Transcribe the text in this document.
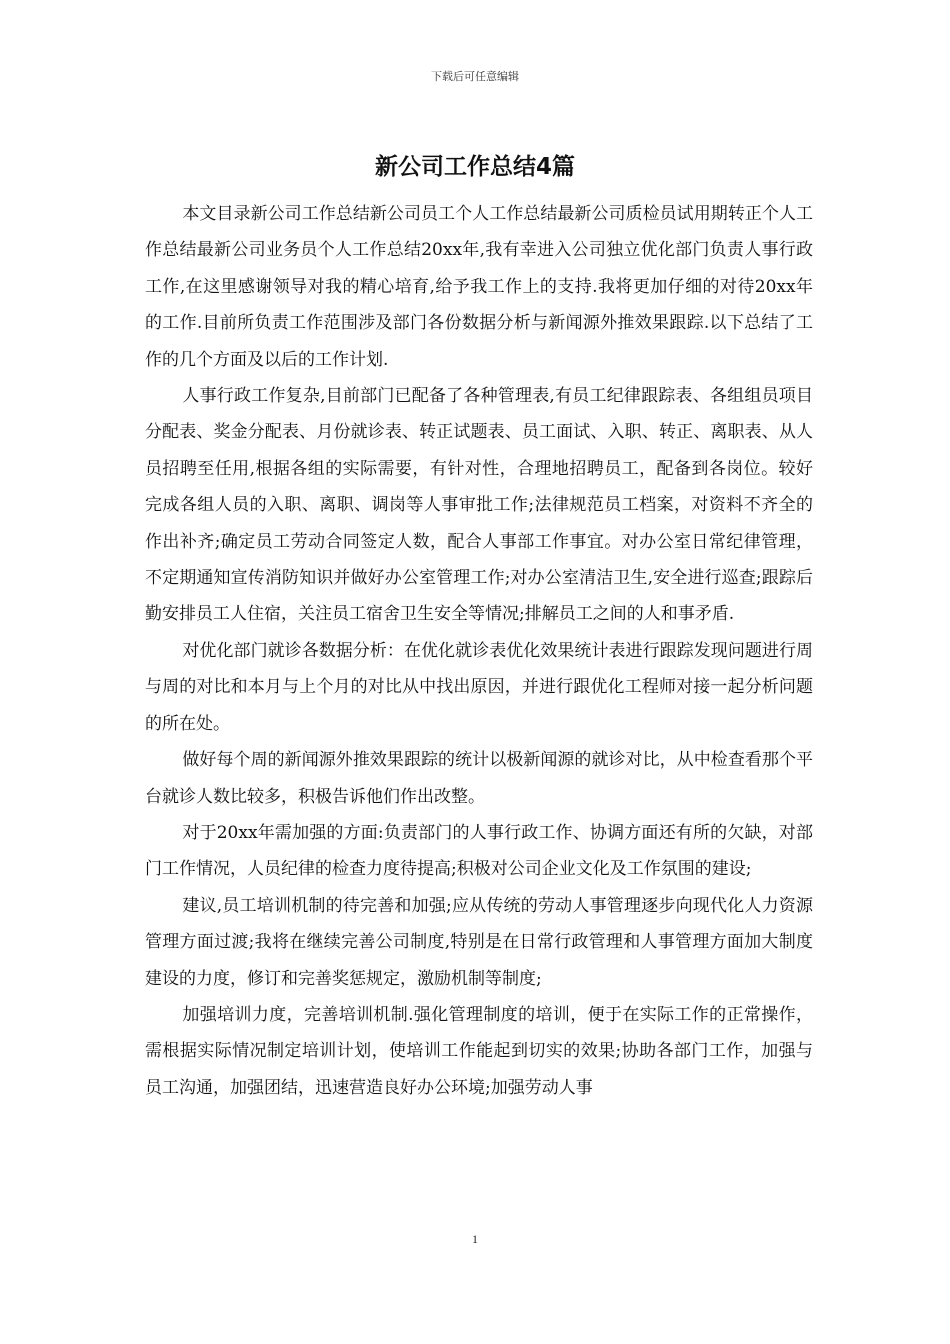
下载后可任意编辑
新公司工作总结4篇

本文目录新公司工作总结新公司员工个人工作总结最新公司质检员试用期转正个人工作总结最新公司业务员个人工作总结20xx年,我有幸进入公司独立优化部门负责人事行政工作,在这里感谢领导对我的精心培育,给予我工作上的支持.我将更加仔细的对待20xx年的工作.目前所负责工作范围涉及部门各份数据分析与新闻源外推效果跟踪.以下总结了工作的几个方面及以后的工作计划.

人事行政工作复杂,目前部门已配备了各种管理表,有员工纪律跟踪表、各组组员项目分配表、奖金分配表、月份就诊表、转正试题表、员工面试、入职、转正、离职表、从人员招聘至任用,根据各组的实际需要，有针对性，合理地招聘员工，配备到各岗位。较好完成各组人员的入职、离职、调岗等人事审批工作;法律规范员工档案，对资料不齐全的作出补齐;确定员工劳动合同签定人数，配合人事部工作事宜。对办公室日常纪律管理，不定期通知宣传消防知识并做好办公室管理工作;对办公室清洁卫生,安全进行巡查;跟踪后勤安排员工人住宿，关注员工宿舍卫生安全等情况;排解员工之间的人和事矛盾.

对优化部门就诊各数据分析：在优化就诊表优化效果统计表进行跟踪发现问题进行周与周的对比和本月与上个月的对比从中找出原因，并进行跟优化工程师对接一起分析问题的所在处。

做好每个周的新闻源外推效果跟踪的统计以极新闻源的就诊对比，从中检查看那个平台就诊人数比较多，积极告诉他们作出改整。

对于20xx年需加强的方面:负责部门的人事行政工作、协调方面还有所的欠缺，对部门工作情况，人员纪律的检查力度待提高;积极对公司企业文化及工作氛围的建设;

建议,员工培训机制的待完善和加强;应从传统的劳动人事管理逐步向现代化人力资源管理方面过渡;我将在继续完善公司制度,特别是在日常行政管理和人事管理方面加大制度建设的力度，修订和完善奖惩规定，激励机制等制度;

加强培训力度，完善培训机制.强化管理制度的培训，便于在实际工作的正常操作，需根据实际情况制定培训计划，使培训工作能起到切实的效果;协助各部门工作，加强与员工沟通，加强团结，迅速营造良好办公环境;加强劳动人事

1
